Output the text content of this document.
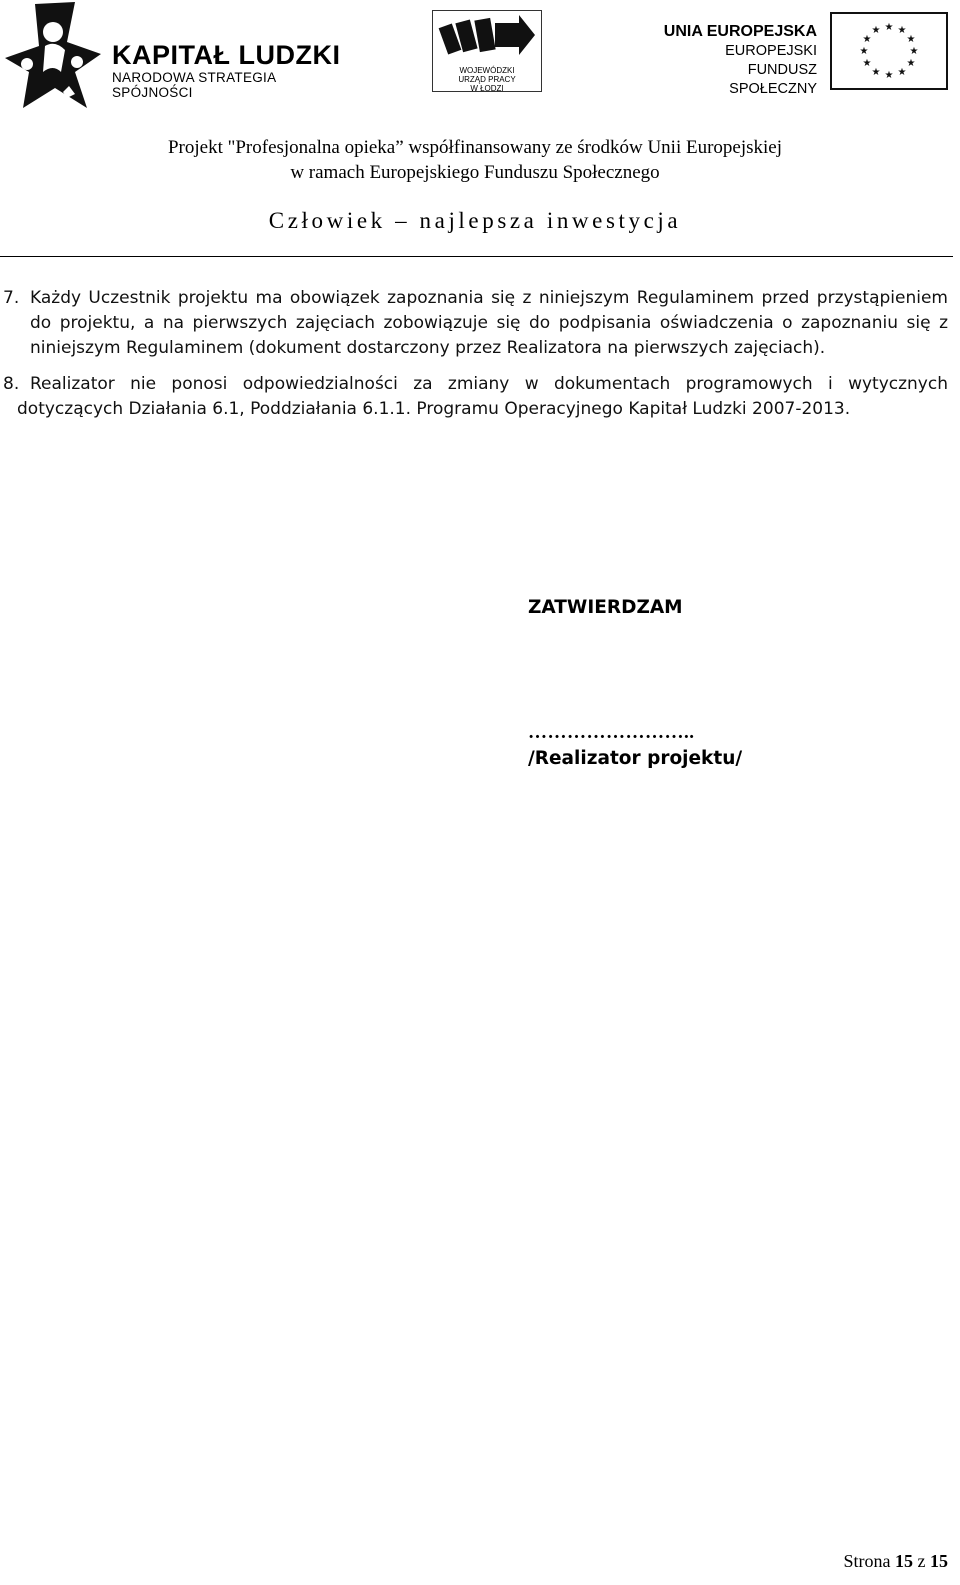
KAPITAŁ LUDZKI
NARODOWA STRATEGIA SPÓJNOŚCI
WOJEWÓDZKI
URZĄD PRACY
W ŁODZI
UNIA EUROPEJSKA
EUROPEJSKI
FUNDUSZ SPOŁECZNY
★ ★
★
★
★
★
★
★
★
★
★
★
Projekt "Profesjonalna opieka” współfinansowany ze środków Unii Europejskiej
w ramach Europejskiego Funduszu Społecznego
Człowiek – najlepsza inwestycja
7. Każdy Uczestnik projektu ma obowiązek zapoznania się z niniejszym Regulaminem przed przystąpieniem do projektu, a na pierwszych zajęciach zobowiązuje się do podpisania oświadczenia o zapoznaniu się z niniejszym Regulaminem (dokument dostarczony przez Realizatora na pierwszych zajęciach).
8. Realizator nie ponosi odpowiedzialności za zmiany w dokumentach programowych i wytycznych dotyczących Działania 6.1, Poddziałania 6.1.1. Programu Operacyjnego Kapitał Ludzki 2007-2013.
ZATWIERDZAM
……………………..
/Realizator projektu/
Strona 15 z 15
